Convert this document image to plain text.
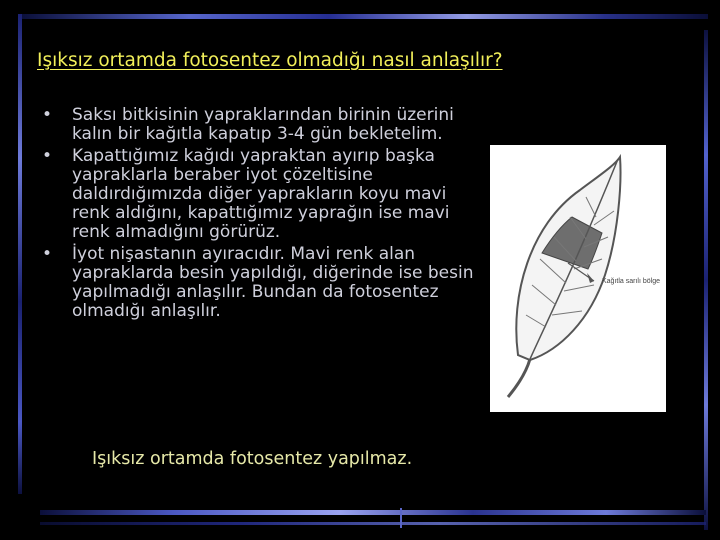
Işıksız ortamda fotosentez olmadığı nasıl anlaşılır?
• Saksı bitkisinin yapraklarından birinin üzerini kalın bir kağıtla kapatıp 3-4 gün bekletelim.
• Kapattığımız kağıdı yapraktan ayırıp başka yapraklarla beraber iyot çözeltisine daldırdığımızda diğer yaprakların koyu mavi renk aldığını, kapattığımız yaprağın ise mavi renk almadığını görürüz.
• İyot nişastanın ayıracıdır. Mavi renk alan yapraklarda besin yapıldığı, diğerinde ise besin yapılmadığı anlaşılır. Bundan da fotosentez olmadığı anlaşılır.
Işıksız ortamda fotosentez yapılmaz.
Kağıtla sarılı bölge
